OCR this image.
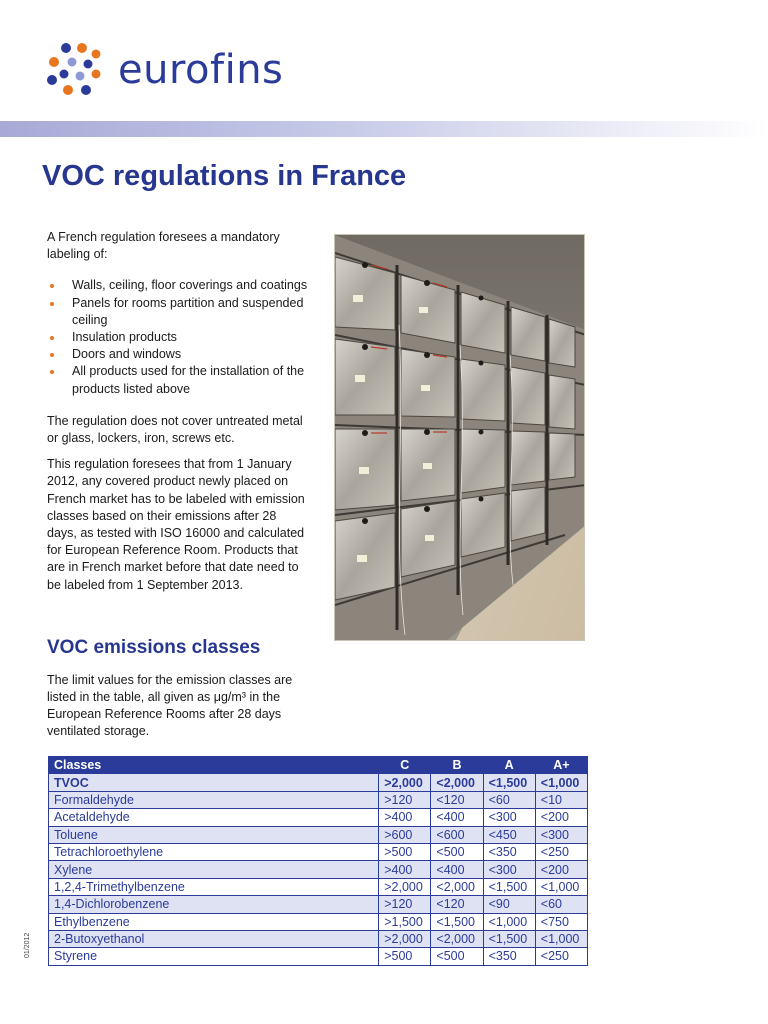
eurofins
VOC regulations in France

A French regulation foresees a mandatory labeling of:

Walls, ceiling, floor coverings and coatings
Panels for rooms partition and suspended ceiling
Insulation products
Doors and windows
All products used for the installation of the products listed above

The regulation does not cover untreated metal or glass, lockers, iron, screws etc.

This regulation foresees that from 1 January 2012, any covered product newly placed on French market has to be labeled with emission classes based on their emissions after 28 days, as tested with ISO 16000 and calculated for European Reference Room. Products that are in French market before that date need to be labeled from 1 September 2013.

VOC emissions classes

The limit values for the emission classes are listed in the table, all given as μg/m³ in the European Reference Rooms after 28 days ventilated storage.

Classes	C	B	A	A+
TVOC	>2,000	<2,000	<1,500	<1,000
Formaldehyde	>120	<120	<60	<10
Acetaldehyde	>400	<400	<300	<200
Toluene	>600	<600	<450	<300
Tetrachloroethylene	>500	<500	<350	<250
Xylene	>400	<400	<300	<200
1,2,4-Trimethylbenzene	>2,000	<2,000	<1,500	<1,000
1,4-Dichlorobenzene	>120	<120	<90	<60
Ethylbenzene	>1,500	<1,500	<1,000	<750
2-Butoxyethanol	>2,000	<2,000	<1,500	<1,000
Styrene	>500	<500	<350	<250
01/2012
